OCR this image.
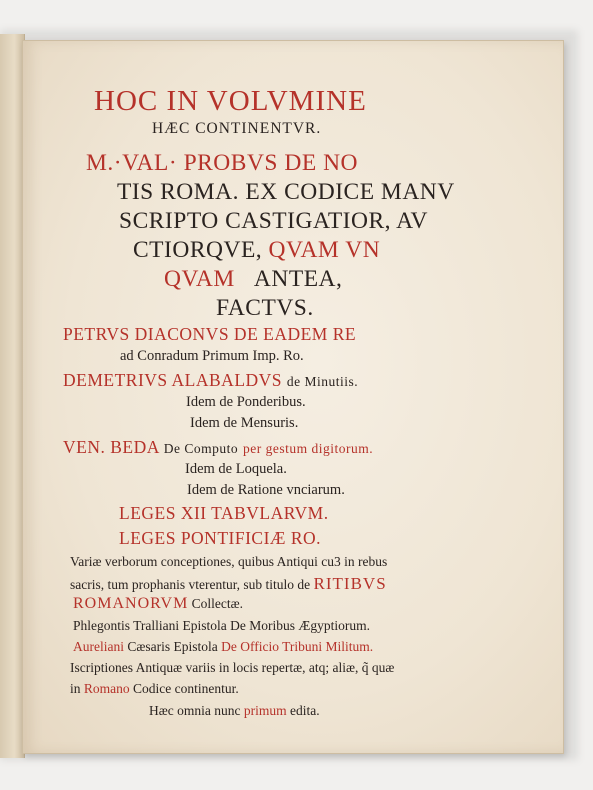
HOC IN VOLVMINE
HÆC CONTINENTVR.
M.·VAL· PROBVS DE NO
TIS ROMA. EX CODICE MANV
SCRIPTO CASTIGATIOR, AV
CTIORQVE, QVAM VN
QVAM ANTEA,
FACTVS.
PETRVS DIACONVS DE EADEM RE
ad Conradum Primum Imp. Ro.
DEMETRIVS ALABALDVS de Minutiis.
Idem de Ponderibus.
Idem de Mensuris.
VEN. BEDA De Computo per gestum digitorum.
Idem de Loquela.
Idem de Ratione vnciarum.
LEGES XII TABVLARVM.
LEGES PONTIFICIÆ RO.
Variæ verborum conceptiones, quibus Antiqui cu3 in rebus
sacris, tum prophanis vterentur, sub titulo de RITIBVS
ROMANORVM Collectæ.
Phlegontis Tralliani Epistola De Moribus Ægyptiorum.
Aureliani Cæsaris Epistola De Officio Tribuni Militum.
Iscriptiones Antiquæ variis in locis repertæ, atq; aliæ, q̃ quæ
in Romano Codice continentur.
Hæc omnia nunc primum edita.
